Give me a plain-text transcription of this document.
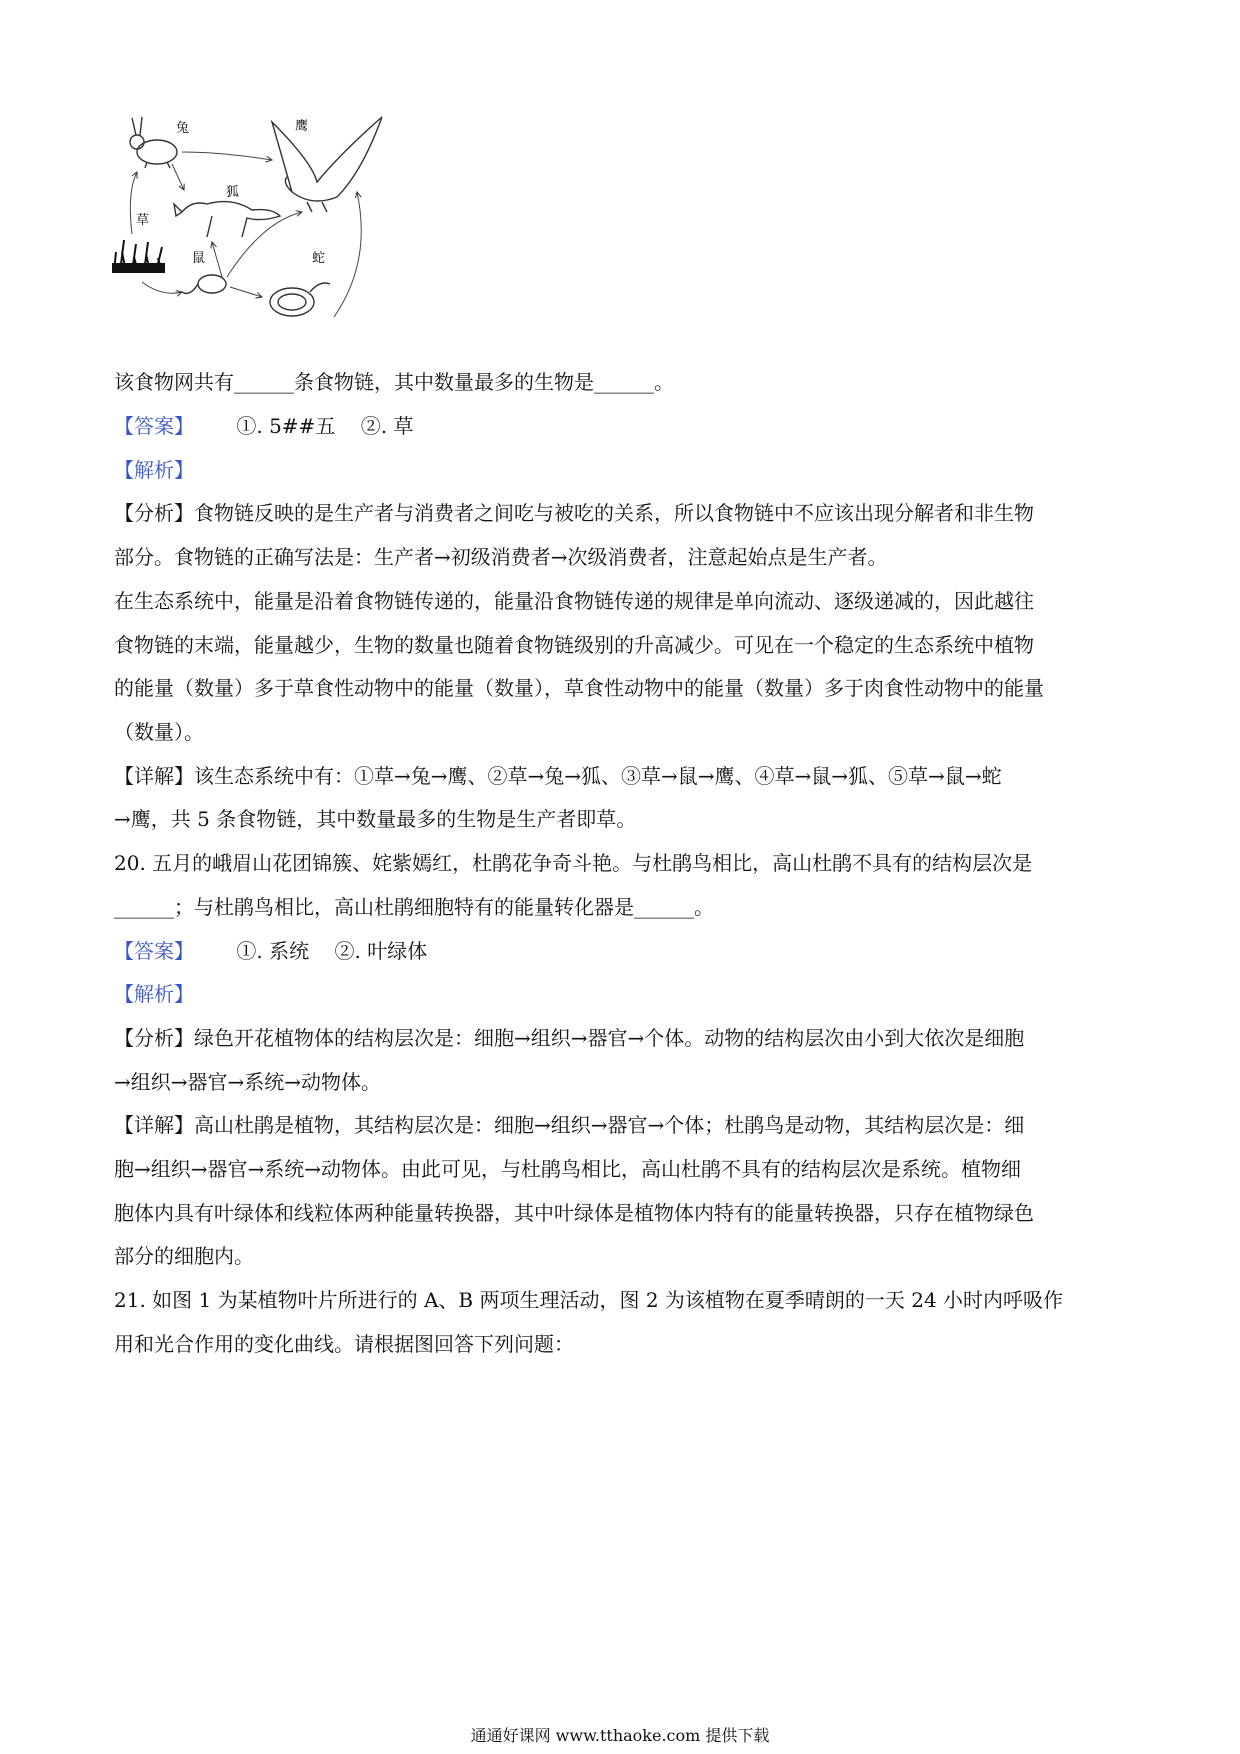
兔	鹰
狐
草
鼠	蛇
该食物网共有______条食物链，其中数量最多的生物是______。
【答案】 ①. 5##五    ②. 草
【解析】
【分析】食物链反映的是生产者与消费者之间吃与被吃的关系，所以食物链中不应该出现分解者和非生物
部分。食物链的正确写法是：生产者→初级消费者→次级消费者，注意起始点是生产者。
在生态系统中，能量是沿着食物链传递的，能量沿食物链传递的规律是单向流动、逐级递减的，因此越往
食物链的末端，能量越少，生物的数量也随着食物链级别的升高减少。可见在一个稳定的生态系统中植物
的能量（数量）多于草食性动物中的能量（数量），草食性动物中的能量（数量）多于肉食性动物中的能量
（数量）。
【详解】该生态系统中有：①草→兔→鹰、②草→兔→狐、③草→鼠→鹰、④草→鼠→狐、⑤草→鼠→蛇
→鹰，共 5 条食物链，其中数量最多的生物是生产者即草。
20. 五月的峨眉山花团锦簇、姹紫嫣红，杜鹃花争奇斗艳。与杜鹃鸟相比，高山杜鹃不具有的结构层次是
______；与杜鹃鸟相比，高山杜鹃细胞特有的能量转化器是______。
【答案】 ①. 系统    ②. 叶绿体
【解析】
【分析】绿色开花植物体的结构层次是：细胞→组织→器官→个体。动物的结构层次由小到大依次是细胞
→组织→器官→系统→动物体。
【详解】高山杜鹃是植物，其结构层次是：细胞→组织→器官→个体；杜鹃鸟是动物，其结构层次是：细
胞→组织→器官→系统→动物体。由此可见，与杜鹃鸟相比，高山杜鹃不具有的结构层次是系统。植物细
胞体内具有叶绿体和线粒体两种能量转换器，其中叶绿体是植物体内特有的能量转换器，只存在植物绿色
部分的细胞内。
21. 如图 1 为某植物叶片所进行的 A、B 两项生理活动，图 2 为该植物在夏季晴朗的一天 24 小时内呼吸作
用和光合作用的变化曲线。请根据图回答下列问题：
通通好课网 www.tthaoke.com 提供下载
